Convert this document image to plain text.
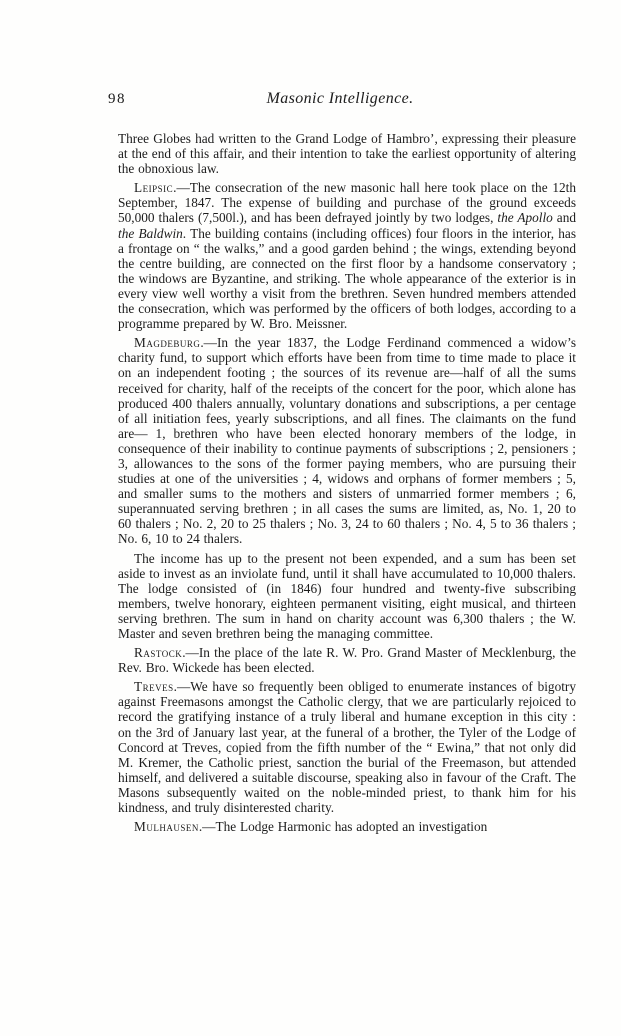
98	Masonic Intelligence.

Three Globes had written to the Grand Lodge of Hambro’, expressing their pleasure at the end of this affair, and their intention to take the earliest opportunity of altering the obnoxious law.

Leipsic.—The consecration of the new masonic hall here took place on the 12th September, 1847. The expense of building and purchase of the ground exceeds 50,000 thalers (7,500l.), and has been defrayed jointly by two lodges, the Apollo and the Baldwin. The building contains (including offices) four floors in the interior, has a frontage on “ the walks,” and a good garden behind ; the wings, extending beyond the centre building, are connected on the first floor by a handsome conservatory ; the windows are Byzantine, and striking. The whole appearance of the exterior is in every view well worthy a visit from the brethren. Seven hundred members attended the consecration, which was performed by the officers of both lodges, according to a programme prepared by W. Bro. Meissner.

Magdeburg.—In the year 1837, the Lodge Ferdinand commenced a widow’s charity fund, to support which efforts have been from time to time made to place it on an independent footing ; the sources of its revenue are—half of all the sums received for charity, half of the receipts of the concert for the poor, which alone has produced 400 thalers annually, voluntary donations and subscriptions, a per centage of all initiation fees, yearly subscriptions, and all fines. The claimants on the fund are— 1, brethren who have been elected honorary members of the lodge, in consequence of their inability to continue payments of subscriptions ; 2, pensioners ; 3, allowances to the sons of the former paying members, who are pursuing their studies at one of the universities ; 4, widows and orphans of former members ; 5, and smaller sums to the mothers and sisters of unmarried former members ; 6, superannuated serving brethren ; in all cases the sums are limited, as, No. 1, 20 to 60 thalers ; No. 2, 20 to 25 thalers ; No. 3, 24 to 60 thalers ; No. 4, 5 to 36 thalers ; No. 6, 10 to 24 thalers.

The income has up to the present not been expended, and a sum has been set aside to invest as an inviolate fund, until it shall have accumulated to 10,000 thalers. The lodge consisted of (in 1846) four hundred and twenty-five subscribing members, twelve honorary, eighteen permanent visiting, eight musical, and thirteen serving brethren. The sum in hand on charity account was 6,300 thalers ; the W. Master and seven brethren being the managing committee.

Rastock.—In the place of the late R. W. Pro. Grand Master of Mecklenburg, the Rev. Bro. Wickede has been elected.

Treves.—We have so frequently been obliged to enumerate instances of bigotry against Freemasons amongst the Catholic clergy, that we are particularly rejoiced to record the gratifying instance of a truly liberal and humane exception in this city : on the 3rd of January last year, at the funeral of a brother, the Tyler of the Lodge of Concord at Treves, copied from the fifth number of the “ Ewina,” that not only did M. Kremer, the Catholic priest, sanction the burial of the Freemason, but attended himself, and delivered a suitable discourse, speaking also in favour of the Craft. The Masons subsequently waited on the noble-minded priest, to thank him for his kindness, and truly disinterested charity.

Mulhausen.—The Lodge Harmonic has adopted an investigation
